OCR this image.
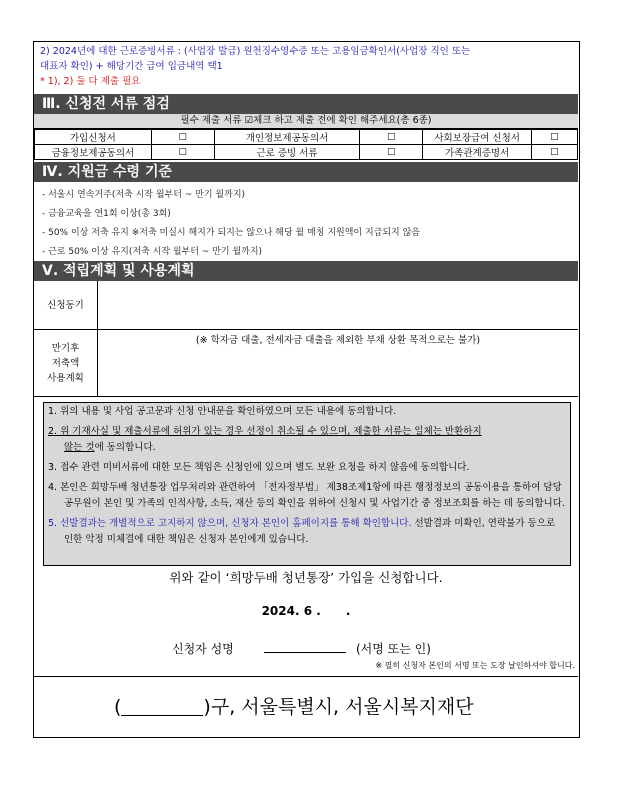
2) 2024년에 대한 근로증빙서류 : (사업장 발급) 원천징수영수증 또는 고용임금확인서(사업장 직인 또는
대표자 확인) + 해당기간 급여 입금내역 택1
* 1), 2) 둘 다 제출 필요
Ⅲ. 신청전 서류 점검
필수 제출 서류 ☑체크 하고 제출 전에 확인 해주세요(총 6종)
가입신청서	☐	개인정보제공동의서	☐	사회보장급여 신청서	☐
금융정보제공동의서	☐	근로 증빙 서류	☐	가족관계증명서	☐
Ⅳ. 지원금 수령 기준
- 서울시 연속거주(저축 시작 월부터 ~ 만기 월까지)
- 금융교육을 연1회 이상(총 3회)
- 50% 이상 저축 유지 ※저축 미실시 해지가 되지는 않으나 해당 월 매칭 지원액이 지급되지 않음
- 근로 50% 이상 유지(저축 시작 월부터 ~ 만기 월까지)
Ⅴ. 적립계획 및 사용계획
신청동기
만기후
저축액
사용계획
(※ 학자금 대출, 전세자금 대출을 제외한 부채 상환 목적으로는 불가)

1. 위의 내용 및 사업 공고문과 신청 안내문을 확인하였으며 모든 내용에 동의합니다.

2. 위 기재사실 및 제출서류에 허위가 있는 경우 선정이 취소될 수 있으며, 제출한 서류는 일체는 반환하지
않는 것에 동의합니다.

3. 접수 관련 미비서류에 대한 모든 책임은 신청인에 있으며 별도 보완 요청을 하지 않음에 동의합니다.

4. 본인은 희망두배 청년통장 업무처리와 관련하여 「전자정부법」 제38조제1항에 따른 행정정보의 공동이용을 통하여 담당공무원이 본인 및 가족의 인적사항, 소득, 재산 등의 확인을 위하여 신청시 및 사업기간 중 정보조회를 하는 데 동의합니다.

5. 선발결과는 개별적으로 고지하지 않으며, 신청자 본인이 홈페이지를 통해 확인합니다. 선발결과 미확인, 연락불가 등으로 인한 악정 미체결에 대한 책임은 신청자 본인에게 있습니다.

위와 같이 ‘희망두배 청년통장’ 가입을 신청합니다.
2024. 6 .      .
신청자 성명	(서명 또는 인)
※ 필히 신청자 본인의 서명 또는 도장 날인하셔야 합니다.
(	)구, 서울특별시, 서울시복지재단
